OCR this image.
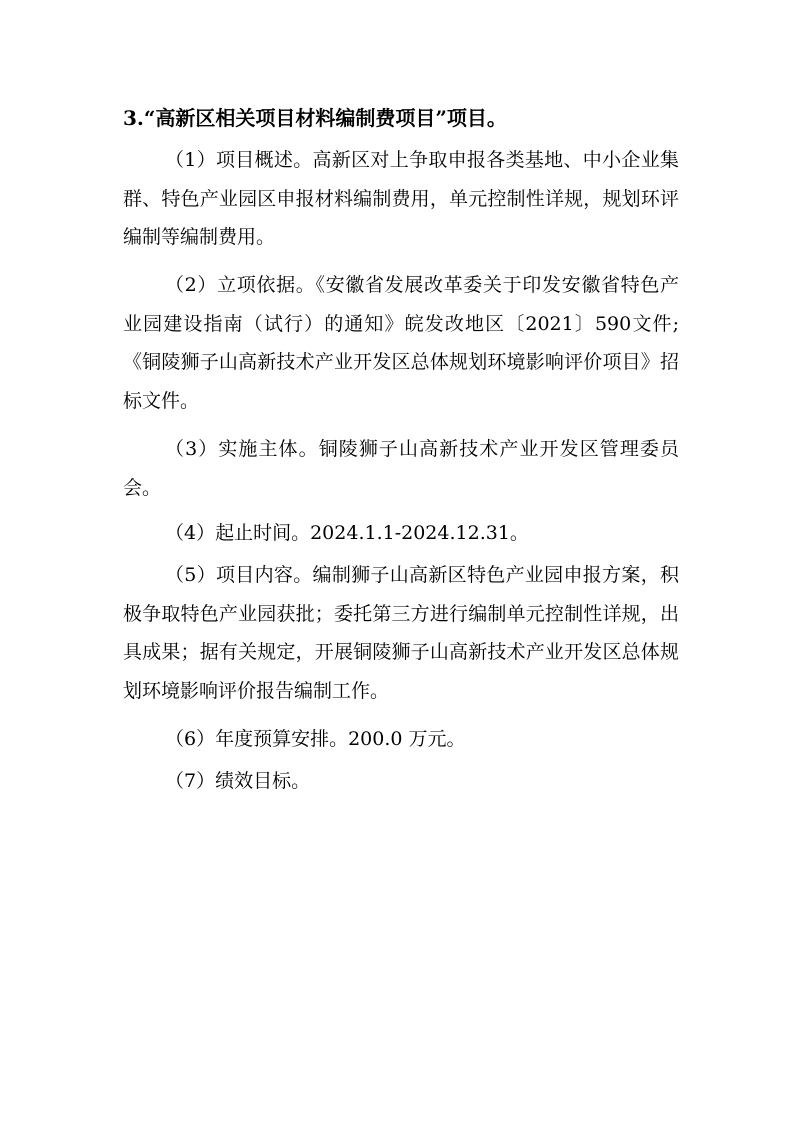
3.“高新区相关项目材料编制费项目”项目。

（1）项目概述。高新区对上争取申报各类基地、中小企业集群、特色产业园区申报材料编制费用，单元控制性详规，规划环评编制等编制费用。

（2）立项依据。《安徽省发展改革委关于印发安徽省特色产业园建设指南（试行）的通知》皖发改地区〔2021〕590文件;《铜陵狮子山高新技术产业开发区总体规划环境影响评价项目》招标文件。

（3）实施主体。铜陵狮子山高新技术产业开发区管理委员会。

（4）起止时间。2024.1.1-2024.12.31。

（5）项目内容。编制狮子山高新区特色产业园申报方案，积极争取特色产业园获批；委托第三方进行编制单元控制性详规，出具成果；据有关规定，开展铜陵狮子山高新技术产业开发区总体规划环境影响评价报告编制工作。

（6）年度预算安排。200.0 万元。

（7）绩效目标。
